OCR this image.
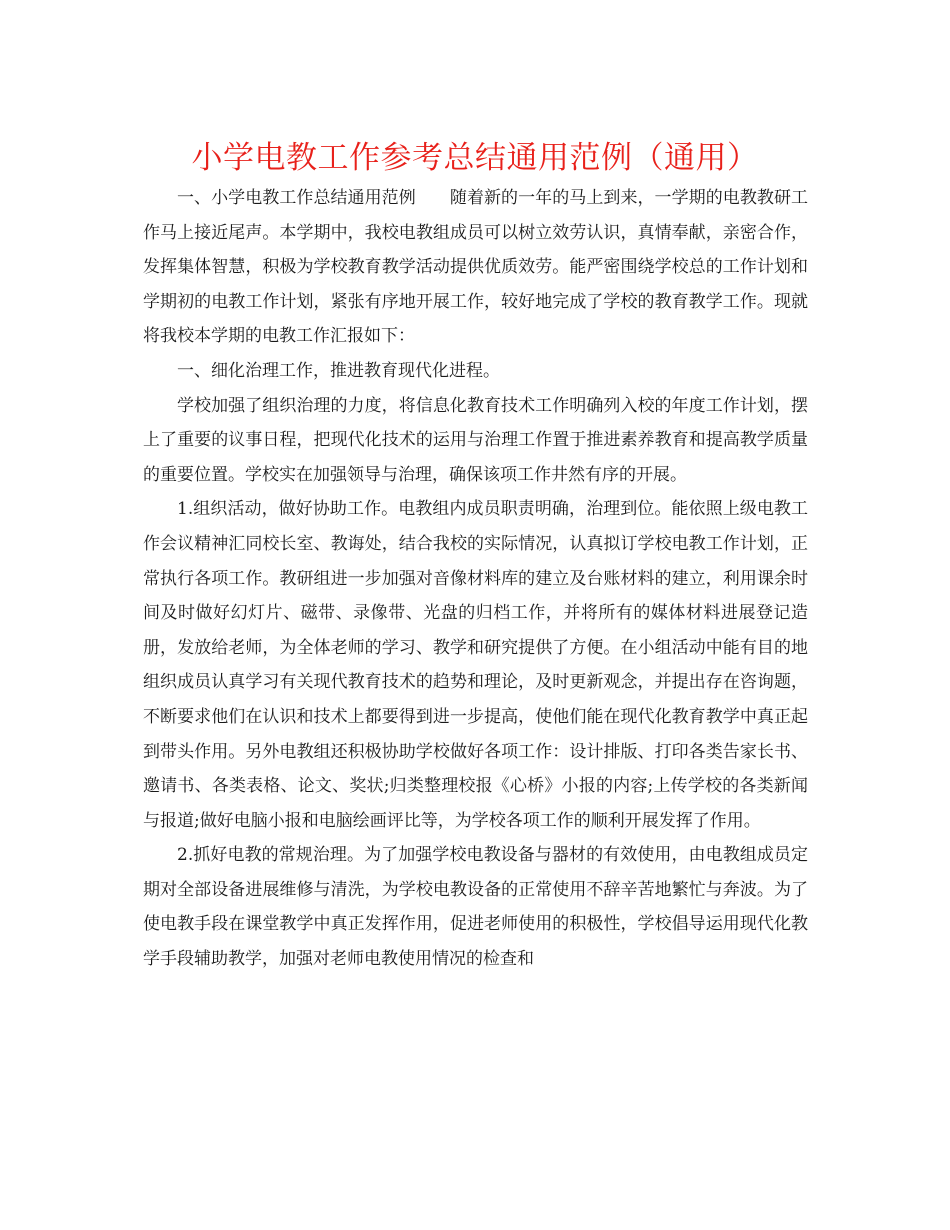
小学电教工作参考总结通用范例（通用）

一、小学电教工作总结通用范例　　随着新的一年的马上到来，一学期的电教教研工作马上接近尾声。本学期中，我校电教组成员可以树立效劳认识，真情奉献，亲密合作，发挥集体智慧，积极为学校教育教学活动提供优质效劳。能严密围绕学校总的工作计划和学期初的电教工作计划，紧张有序地开展工作，较好地完成了学校的教育教学工作。现就将我校本学期的电教工作汇报如下：

一、细化治理工作，推进教育现代化进程。

学校加强了组织治理的力度，将信息化教育技术工作明确列入校的年度工作计划，摆上了重要的议事日程，把现代化技术的运用与治理工作置于推进素养教育和提高教学质量的重要位置。学校实在加强领导与治理，确保该项工作井然有序的开展。

1.组织活动，做好协助工作。电教组内成员职责明确，治理到位。能依照上级电教工作会议精神汇同校长室、教诲处，结合我校的实际情况，认真拟订学校电教工作计划，正常执行各项工作。教研组进一步加强对音像材料库的建立及台账材料的建立，利用课余时间及时做好幻灯片、磁带、录像带、光盘的归档工作，并将所有的媒体材料进展登记造册，发放给老师，为全体老师的学习、教学和研究提供了方便。在小组活动中能有目的地组织成员认真学习有关现代教育技术的趋势和理论，及时更新观念，并提出存在咨询题，不断要求他们在认识和技术上都要得到进一步提高，使他们能在现代化教育教学中真正起到带头作用。另外电教组还积极协助学校做好各项工作：设计排版、打印各类告家长书、邀请书、各类表格、论文、奖状;归类整理校报《心桥》小报的内容;上传学校的各类新闻与报道;做好电脑小报和电脑绘画评比等，为学校各项工作的顺利开展发挥了作用。

2.抓好电教的常规治理。为了加强学校电教设备与器材的有效使用，由电教组成员定期对全部设备进展维修与清洗，为学校电教设备的正常使用不辞辛苦地繁忙与奔波。为了使电教手段在课堂教学中真正发挥作用，促进老师使用的积极性，学校倡导运用现代化教学手段辅助教学，加强对老师电教使用情况的检查和
